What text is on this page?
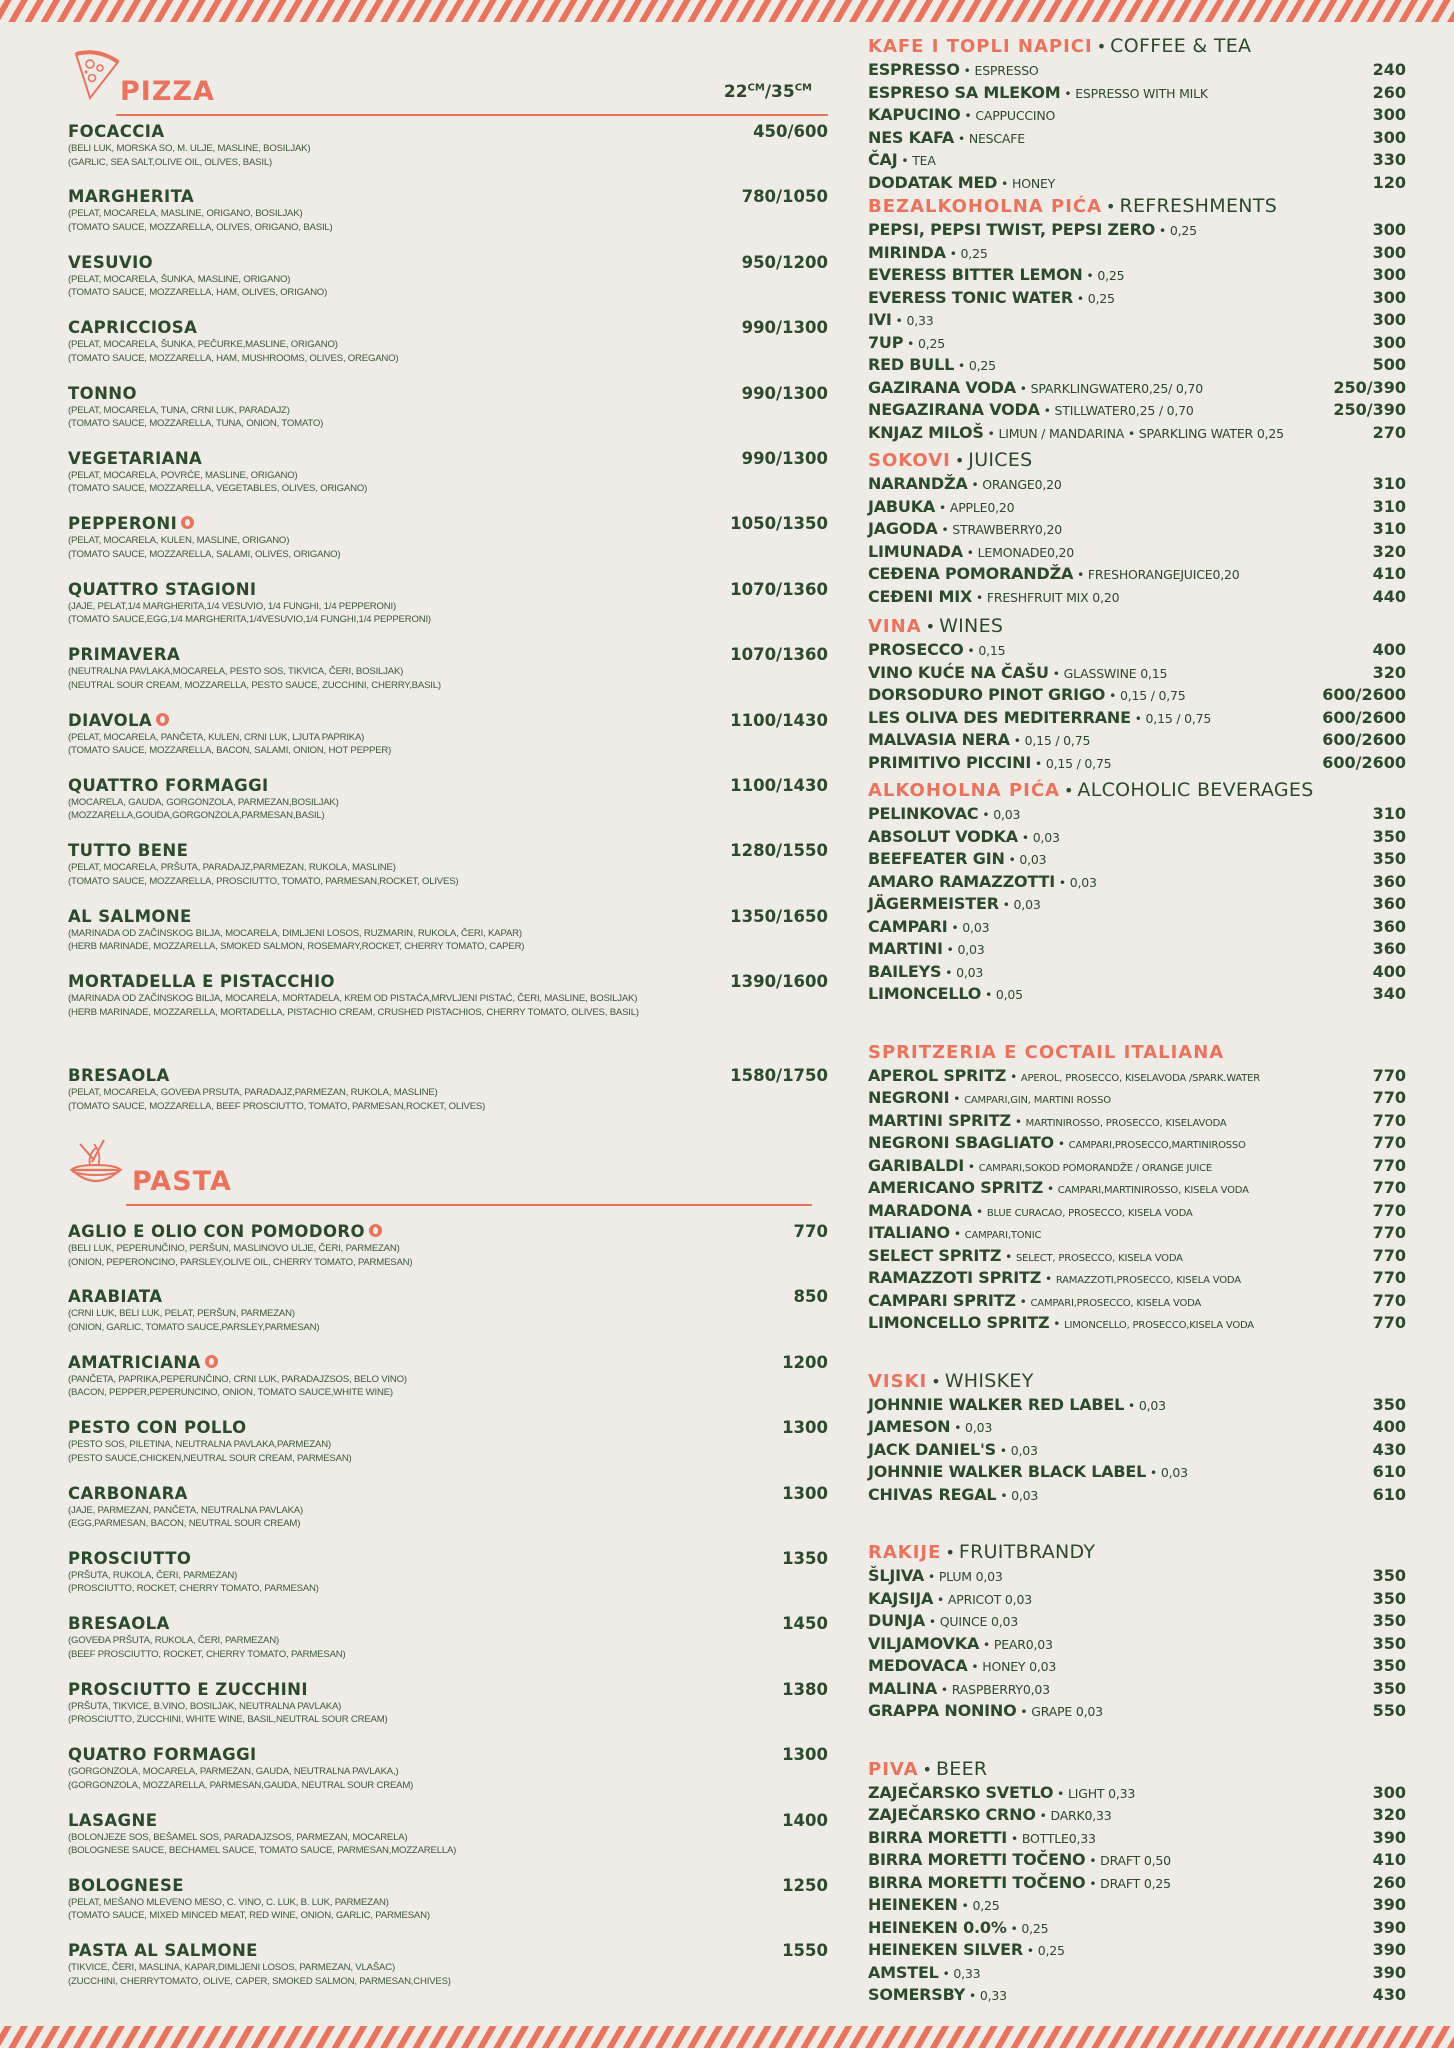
PIZZA	$22^{CM}/35^{CM}$
FOCACCIA	450/600
(BELI LUK, MORSKA SO, M. ULJE, MASLINE, BOSILJAK)
(GARLIC, SEA SALT,OLIVE OIL, OLIVES, BASIL)
MARGHERITA	780/1050
(PELAT, MOCARELA, MASLINE, ORIGANO, BOSILJAK)
(TOMATO SAUCE, MOZZARELLA, OLIVES, ORIGANO, BASIL)
VESUVIO	950/1200
(PELAT, MOCARELA, ŠUNKA, MASLINE, ORIGANO)
(TOMATO SAUCE, MOZZARELLA, HAM, OLIVES, ORIGANO)
CAPRICCIOSA	990/1300
(PELAT, MOCARELA, ŠUNKA, PEČURKE,MASLINE, ORIGANO)
(TOMATO SAUCE, MOZZARELLA, HAM, MUSHROOMS, OLIVES, OREGANO)
TONNO	990/1300
(PELAT, MOCARELA, TUNA, CRNI LUK, PARADAJZ)
(TOMATO SAUCE, MOZZARELLA, TUNA, ONION, TOMATO)
VEGETARIANA	990/1300
(PELAT, MOCARELA, POVRĆE, MASLINE, ORIGANO)
(TOMATO SAUCE, MOZZARELLA, VEGETABLES, OLIVES, ORIGANO)
PEPPERONI	1050/1350
(PELAT, MOCARELA, KULEN, MASLINE, ORIGANO)
(TOMATO SAUCE, MOZZARELLA, SALAMI, OLIVES, ORIGANO)
QUATTRO STAGIONI	1070/1360
(JAJE, PELAT,1/4 MARGHERITA,1/4 VESUVIO, 1/4 FUNGHI, 1/4 PEPPERONI)
(TOMATO SAUCE,EGG,1/4 MARGHERITA,1/4VESUVIO,1/4 FUNGHI,1/4 PEPPERONI)
PRIMAVERA	1070/1360
(NEUTRALNA PAVLAKA,MOCARELA, PESTO SOS, TIKVICA, ČERI, BOSILJAK)
(NEUTRAL SOUR CREAM, MOZZARELLA, PESTO SAUCE, ZUCCHINI, CHERRY,BASIL)
DIAVOLA	1100/1430
(PELAT, MOCARELA, PANČETA, KULEN, CRNI LUK, LJUTA PAPRIKA)
(TOMATO SAUCE, MOZZARELLA, BACON, SALAMI, ONION, HOT PEPPER)
QUATTRO FORMAGGI	1100/1430
(MOCARELA, GAUDA, GORGONZOLA, PARMEZAN,BOSILJAK)
(MOZZARELLA,GOUDA,GORGONZOLA,PARMESAN,BASIL)
TUTTO BENE	1280/1550
(PELAT, MOCARELA, PRŠUTA, PARADAJZ,PARMEZAN, RUKOLA, MASLINE)
(TOMATO SAUCE, MOZZARELLA, PROSCIUTTO, TOMATO, PARMESAN,ROCKET, OLIVES)
AL SALMONE	1350/1650
(MARINADA OD ZAČINSKOG BILJA, MOCARELA, DIMLJENI LOSOS, RUZMARIN, RUKOLA, ČERI, KAPAR)
(HERB MARINADE, MOZZARELLA, SMOKED SALMON, ROSEMARY,ROCKET, CHERRY TOMATO, CAPER)
MORTADELLA E PISTACCHIO	1390/1600
(MARINADA OD ZAČINSKOG BILJA, MOCARELA, MORTADELA, KREM OD PISTAĆA,MRVLJENI PISTAĆ, ČERI, MASLINE, BOSILJAK)
(HERB MARINADE, MOZZARELLA, MORTADELLA, PISTACHIO CREAM, CRUSHED PISTACHIOS, CHERRY TOMATO, OLIVES, BASIL)
BRESAOLA	1580/1750
(PELAT, MOCARELA, GOVEĐA PRSUTA, PARADAJZ,PARMEZAN, RUKOLA, MASLINE)
(TOMATO SAUCE, MOZZARELLA, BEEF PROSCIUTTO, TOMATO, PARMESAN,ROCKET, OLIVES)
PASTA
AGLIO E OLIO CON POMODORO	770
(BELI LUK, PEPERUNČINO, PERŠUN, MASLINOVO ULJE, ČERI, PARMEZAN)
(ONION, PEPERONCINO, PARSLEY,OLIVE OIL, CHERRY TOMATO, PARMESAN)
ARABIATA	850
(CRNI LUK, BELI LUK, PELAT, PERŠUN, PARMEZAN)
(ONION, GARLIC, TOMATO SAUCE,PARSLEY,PARMESAN)
AMATRICIANA	1200
(PANČETA, PAPRIKA,PEPERUNČINO, CRNI LUK, PARADAJZSOS, BELO VINO)
(BACON, PEPPER,PEPERUNCINO, ONION, TOMATO SAUCE,WHITE WINE)
PESTO CON POLLO	1300
(PESTO SOS, PILETINA, NEUTRALNA PAVLAKA,PARMEZAN)
(PESTO SAUCE,CHICKEN,NEUTRAL SOUR CREAM, PARMESAN)
CARBONARA	1300
(JAJE, PARMEZAN, PANČETA, NEUTRALNA PAVLAKA)
(EGG,PARMESAN, BACON, NEUTRAL SOUR CREAM)
PROSCIUTTO	1350
(PRŠUTA, RUKOLA, ČERI, PARMEZAN)
(PROSCIUTTO, ROCKET, CHERRY TOMATO, PARMESAN)
BRESAOLA	1450
(GOVEĐA PRŠUTA, RUKOLA, ČERI, PARMEZAN)
(BEEF PROSCIUTTO, ROCKET, CHERRY TOMATO, PARMESAN)
PROSCIUTTO E ZUCCHINI	1380
(PRŠUTA, TIKVICE, B.VINO, BOSILJAK, NEUTRALNA PAVLAKA)
(PROSCIUTTO, ZUCCHINI, WHITE WINE, BASIL,NEUTRAL SOUR CREAM)
QUATRO FORMAGGI	1300
(GORGONZOLA, MOCARELA, PARMEZAN, GAUDA, NEUTRALNA PAVLAKA,)
(GORGONZOLA, MOZZARELLA, PARMESAN,GAUDA, NEUTRAL SOUR CREAM)
LASAGNE	1400
(BOLONJEZE SOS, BEŠAMEL SOS, PARADAJZSOS, PARMEZAN, MOCARELA)
(BOLOGNESE SAUCE, BECHAMEL SAUCE, TOMATO SAUCE, PARMESAN,MOZZARELLA)
BOLOGNESE	1250
(PELAT, MEŠANO MLEVENO MESO, C. VINO, C. LUK, B. LUK, PARMEZAN)
(TOMATO SAUCE, MIXED MINCED MEAT, RED WINE, ONION, GARLIC, PARMESAN)
PASTA AL SALMONE	1550
(TIKVICE, ČERI, MASLINA, KAPAR,DIMLJENI LOSOS, PARMEZAN, VLAŠAC)
(ZUCCHINI, CHERRYTOMATO, OLIVE, CAPER, SMOKED SALMON, PARMESAN,CHIVES)
KAFE I TOPLI NAPICI • COFFEE & TEA
ESPRESSO • ESPRESSO	240
ESPRESO SA MLEKOM • ESPRESSO WITH MILK	260
KAPUCINO • CAPPUCCINO	300
NES KAFA • NESCAFE	300
ČAJ • TEA	330
DODATAK MED • HONEY	120
BEZALKOHOLNA PIĆA • REFRESHMENTS
PEPSI, PEPSI TWIST, PEPSI ZERO • 0,25	300
MIRINDA • 0,25	300
EVERESS BITTER LEMON • 0,25	300
EVERESS TONIC WATER • 0,25	300
IVI • 0,33	300
7UP • 0,25	300
RED BULL • 0,25	500
GAZIRANA VODA • SPARKLINGWATER0,25/ 0,70	250/390
NEGAZIRANA VODA • STILLWATER0,25 / 0,70	250/390
KNJAZ MILOŠ • LIMUN / MANDARINA • SPARKLING WATER 0,25	270
SOKOVI • JUICES
NARANDŽA • ORANGE0,20	310
JABUKA • APPLE0,20	310
JAGODA • STRAWBERRY0,20	310
LIMUNADA • LEMONADE0,20	320
CEĐENA POMORANDŽA • FRESHORANGEJUICE0,20	410
CEĐENI MIX • FRESHFRUIT MIX 0,20	440
VINA • WINES
PROSECCO • 0,15	400
VINO KUĆE NA ČAŠU • GLASSWINE 0,15	320
DORSODURO PINOT GRIGO • 0,15 / 0,75	600/2600
LES OLIVA DES MEDITERRANE • 0,15 / 0,75	600/2600
MALVASIA NERA • 0,15 / 0,75	600/2600
PRIMITIVO PICCINI • 0,15 / 0,75	600/2600
ALKOHOLNA PIĆA • ALCOHOLIC BEVERAGES
PELINKOVAC • 0,03	310
ABSOLUT VODKA • 0,03	350
BEEFEATER GIN • 0,03	350
AMARO RAMAZZOTTI • 0,03	360
JÄGERMEISTER • 0,03	360
CAMPARI • 0,03	360
MARTINI • 0,03	360
BAILEYS • 0,03	400
LIMONCELLO • 0,05	340
SPRITZERIA E COCTAIL ITALIANA
APEROL SPRITZ • APEROL, PROSECCO, KISELAVODA /SPARK.WATER	770
NEGRONI • CAMPARI,GIN, MARTINI ROSSO	770
MARTINI SPRITZ • MARTINIROSSO, PROSECCO, KISELAVODA	770
NEGRONI SBAGLIATO • CAMPARI,PROSECCO,MARTINIROSSO	770
GARIBALDI • CAMPARI,SOKOD POMORANDŽE / ORANGE JUICE	770
AMERICANO SPRITZ • CAMPARI,MARTINIROSSO, KISELA VODA	770
MARADONA • BLUE CURACAO, PROSECCO, KISELA VODA	770
ITALIANO • CAMPARI,TONIC	770
SELECT SPRITZ • SELECT, PROSECCO, KISELA VODA	770
RAMAZZOTI SPRITZ • RAMAZZOTI,PROSECCO, KISELA VODA	770
CAMPARI SPRITZ • CAMPARI,PROSECCO, KISELA VODA	770
LIMONCELLO SPRITZ • LIMONCELLO, PROSECCO,KISELA VODA	770
VISKI • WHISKEY
JOHNNIE WALKER RED LABEL • 0,03	350
JAMESON • 0,03	400
JACK DANIEL'S • 0,03	430
JOHNNIE WALKER BLACK LABEL • 0,03	610
CHIVAS REGAL • 0,03	610
RAKIJE • FRUITBRANDY
ŠLJIVA • PLUM 0,03	350
KAJSIJA • APRICOT 0,03	350
DUNJA • QUINCE 0,03	350
VILJAMOVKA • PEAR0,03	350
MEDOVACA • HONEY 0,03	350
MALINA • RASPBERRY0,03	350
GRAPPA NONINO • GRAPE 0,03	550
PIVA • BEER
ZAJEČARSKO SVETLO • LIGHT 0,33	300
ZAJEČARSKO CRNO • DARK0,33	320
BIRRA MORETTI • BOTTLE0,33	390
BIRRA MORETTI TOČENO • DRAFT 0,50	410
BIRRA MORETTI TOČENO • DRAFT 0,25	260
HEINEKEN • 0,25	390
HEINEKEN 0.0% • 0,25	390
HEINEKEN SILVER • 0,25	390
AMSTEL • 0,33	390
SOMERSBY • 0,33	430
